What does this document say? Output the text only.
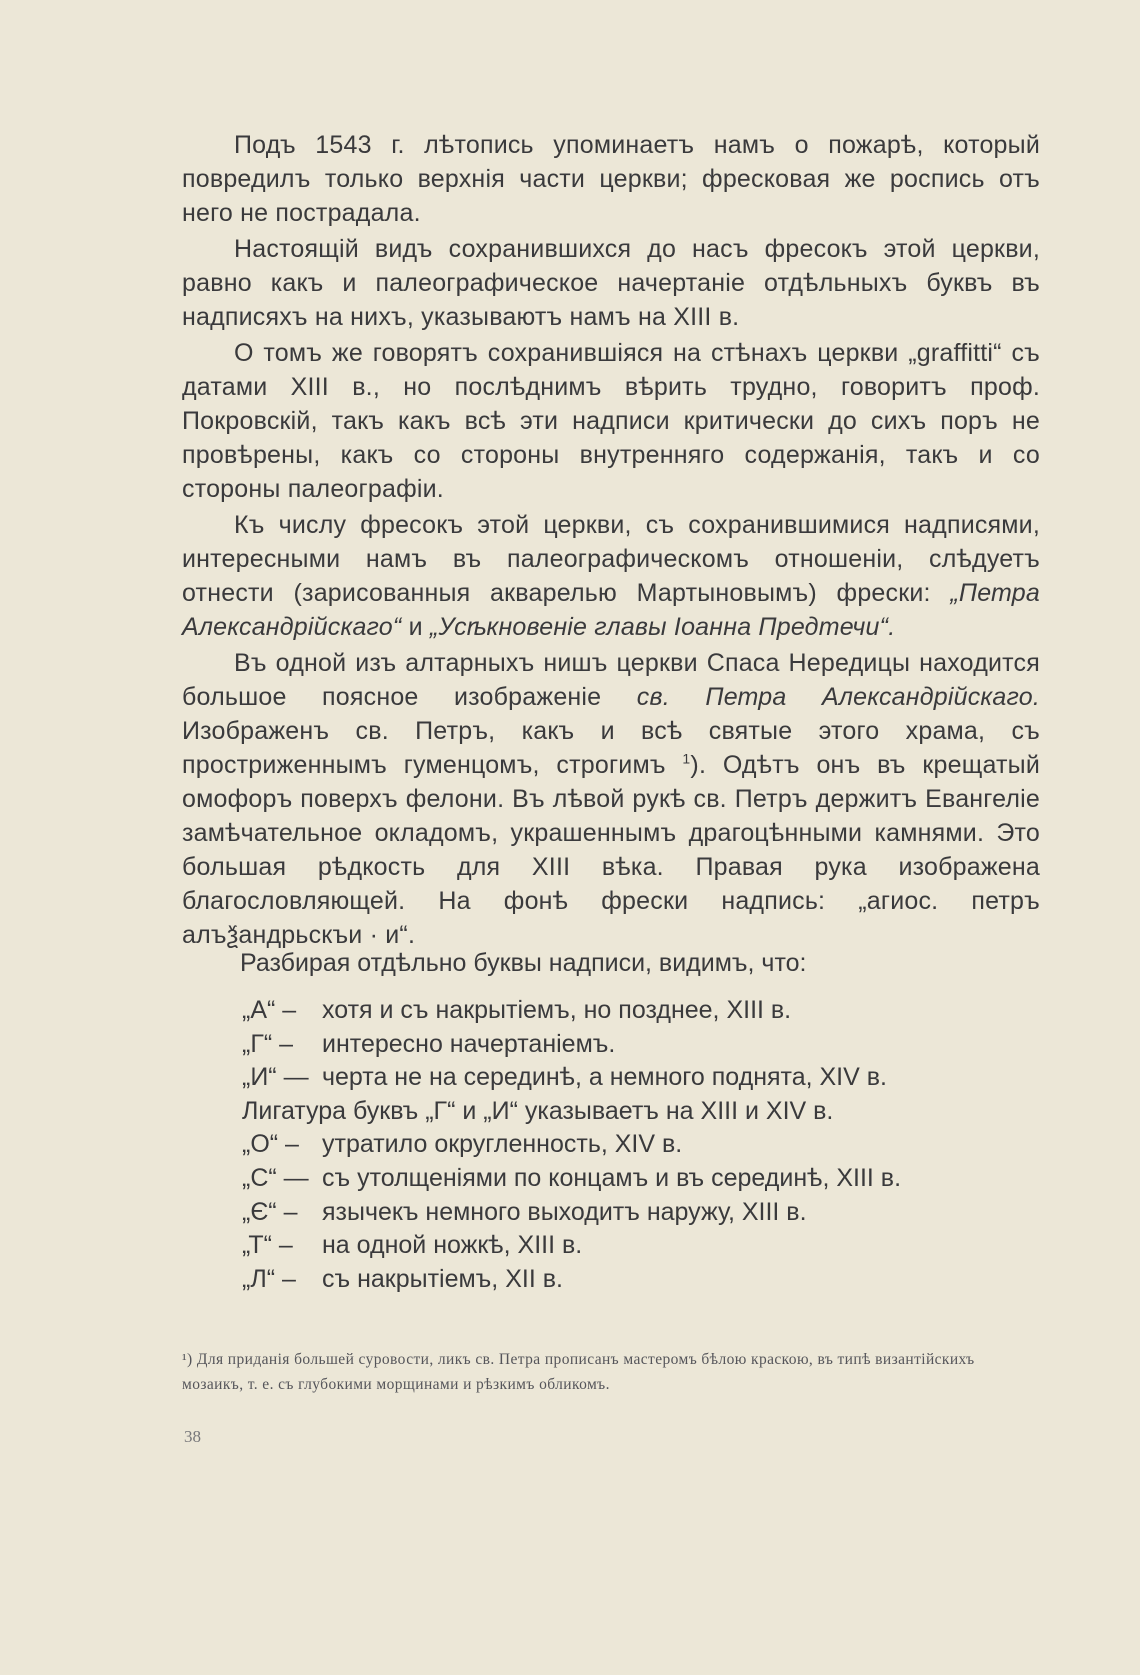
Подъ 1543 г. лѣтопись упоминаетъ намъ о пожарѣ, который повредилъ только верхнія части церкви; фресковая же роспись отъ него не пострадала.

Настоящій видъ сохранившихся до насъ фресокъ этой церкви, равно какъ и палеографическое начертаніе отдѣльныхъ буквъ въ надписяхъ на нихъ, указываютъ намъ на XIII в.

О томъ же говорятъ сохранившіяся на стѣнахъ церкви „graffitti“ съ датами XIII в., но послѣднимъ вѣрить трудно, говоритъ проф. Покровскій, такъ какъ всѣ эти надписи критически до сихъ поръ не провѣрены, какъ со стороны внутренняго содержанія, такъ и со стороны палеографіи.

Къ числу фресокъ этой церкви, съ сохранившимися надписями, интересными намъ въ палеографическомъ отношеніи, слѣдуетъ отнести (зарисованныя акварелью Мартыновымъ) фрески: „Петра Александрійскаго“ и „Усѣкновеніе главы Іоанна Предтечи“.

Въ одной изъ алтарныхъ нишъ церкви Спаса Нередицы находится большое поясное изображеніе св. Петра Александрійскаго. Изображенъ св. Петръ, какъ и всѣ святые этого храма, съ простриженнымъ гуменцомъ, строгимъ $^1$). Одѣтъ онъ въ крещатый омофоръ поверхъ фелони. Въ лѣвой рукѣ св. Петръ держитъ Евангеліе замѣчательное окладомъ, украшеннымъ драгоцѣнными камнями. Это большая рѣдкость для XIII вѣка. Правая рука изображена благословляющей. На фонѣ фрески надпись: „агиос. петръ алъѯандрьскъи · и“.

Разбирая отдѣльно буквы надписи, видимъ, что:
„А“ – хотя и съ накрытіемъ, но позднее, XIII в.
„Г“ – интересно начертаніемъ.
„И“ — черта не на серединѣ, а немного поднята, XIV в.
Лигатура буквъ „Г“ и „И“ указываетъ на XIII и XIV в.
„О“ – утратило округленность, XIV в.
„С“ — съ утолщеніями по концамъ и въ серединѣ, XIII в.
„Є“ – язычекъ немного выходитъ наружу, XIII в.
„Т“ – на одной ножкѣ, XIII в.
„Л“ – съ накрытіемъ, XII в.
¹) Для приданія большей суровости, ликъ св. Петра прописанъ мастеромъ бѣлою краскою, въ типѣ византійскихъ мозаикъ, т. е. съ глубокими морщинами и рѣзкимъ обликомъ.
38
